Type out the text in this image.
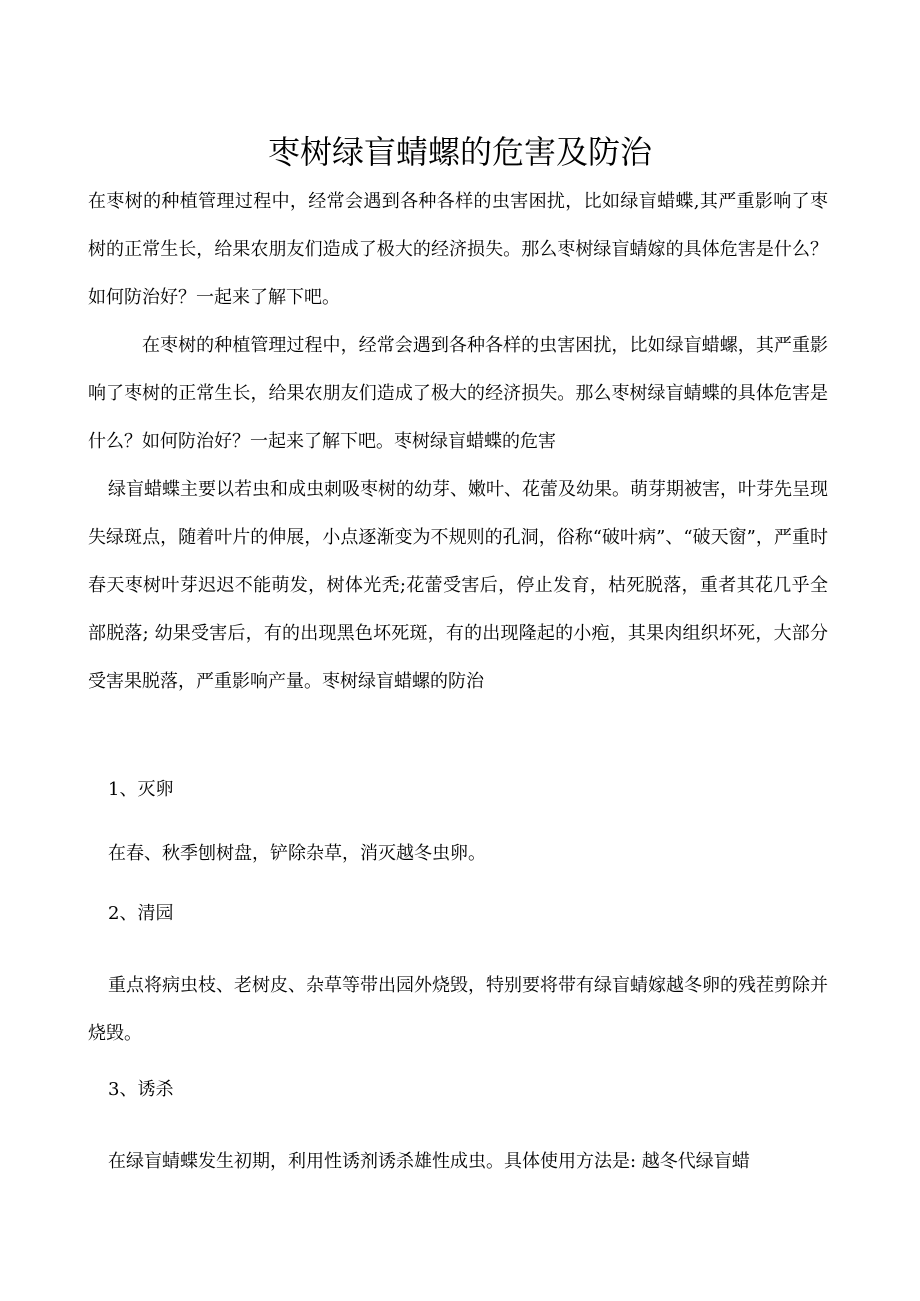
枣树绿盲蜻螺的危害及防治

在枣树的种植管理过程中，经常会遇到各种各样的虫害困扰，比如绿盲蜡蝶,其严重影响了枣树的正常生长，给果农朋友们造成了极大的经济损失。那么枣树绿盲蜻嫁的具体危害是什么？如何防治好？一起来了解下吧。

在枣树的种植管理过程中，经常会遇到各种各样的虫害困扰，比如绿盲蜡螺，其严重影响了枣树的正常生长，给果农朋友们造成了极大的经济损失。那么枣树绿盲蜻蝶的具体危害是什么？如何防治好？一起来了解下吧。枣树绿盲蜡蝶的危害

绿盲蜡蝶主要以若虫和成虫刺吸枣树的幼芽、嫩叶、花蕾及幼果。萌芽期被害，叶芽先呈现失绿斑点，随着叶片的伸展，小点逐渐变为不规则的孔洞，俗称“破叶病”、“破天窗”，严重时春天枣树叶芽迟迟不能萌发，树体光秃;花蕾受害后，停止发育，枯死脱落，重者其花几乎全部脱落; 幼果受害后，有的出现黑色坏死斑，有的出现隆起的小疱，其果肉组织坏死，大部分受害果脱落，严重影响产量。枣树绿盲蜡螺的防治

1、灭卵

在春、秋季刨树盘，铲除杂草，消灭越冬虫卵。

2、清园

重点将病虫枝、老树皮、杂草等带出园外烧毁，特别要将带有绿盲蜻嫁越冬卵的残茬剪除并烧毁。

3、诱杀

在绿盲蜻蝶发生初期，利用性诱剂诱杀雄性成虫。具体使用方法是: 越冬代绿盲蜡
